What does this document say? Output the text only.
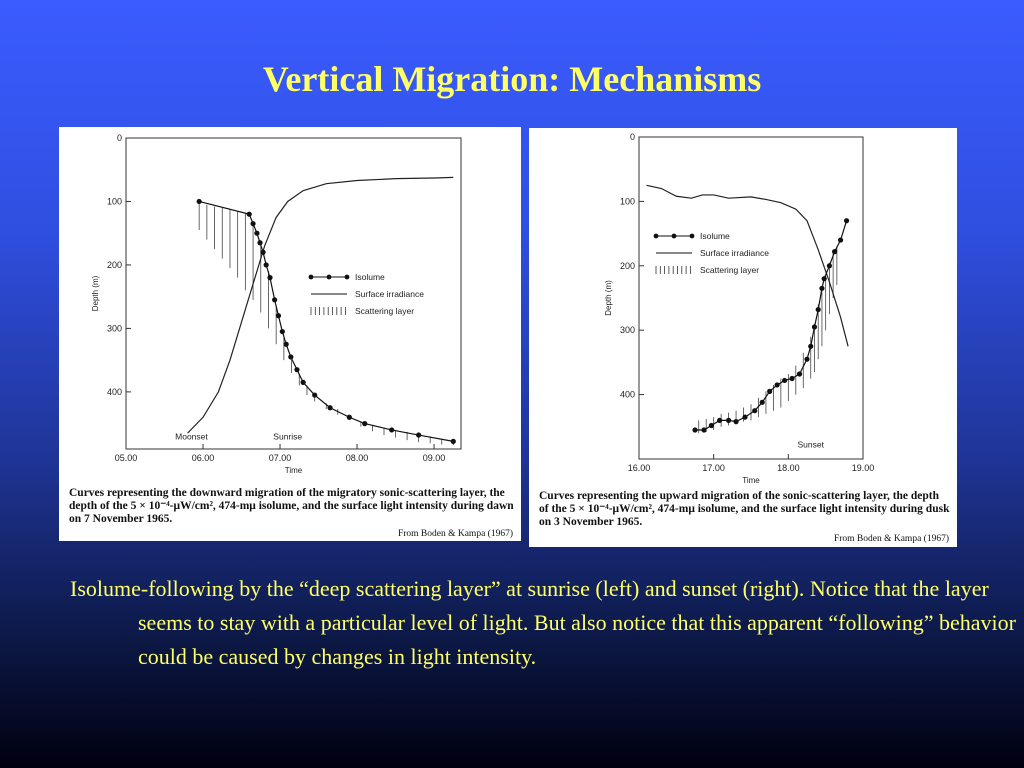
Vertical Migration: Mechanisms
0
100
200
300
400
05.00	06.00	07.00	08.00	09.00
Time
Depth (m)
Moonset	Sunrise
Isolume
Surface irradiance
Scattering layer
Curves representing the downward migration of the migratory sonic-scattering layer, the depth of the 5 × 10⁻⁴-μW/cm², 474-mμ isolume, and the surface light intensity during dawn on 7 November 1965.
From Boden & Kampa (1967)
0
100
200
300
400
16.00	17.00	18.00	19.00
Time
Depth (m)
Sunset
Isolume
Surface irradiance
Scattering layer
Curves representing the upward migration of the sonic-scattering layer, the depth of the 5 × 10⁻⁴-μW/cm², 474-mμ isolume, and the surface light intensity during dusk on 3 November 1965.
From Boden & Kampa (1967)
Isolume-following by the “deep scattering layer” at sunrise (left) and sunset (right). Notice that the layer seems to stay with a particular level of light. But also notice that this apparent “following” behavior could be caused by changes in light intensity.
